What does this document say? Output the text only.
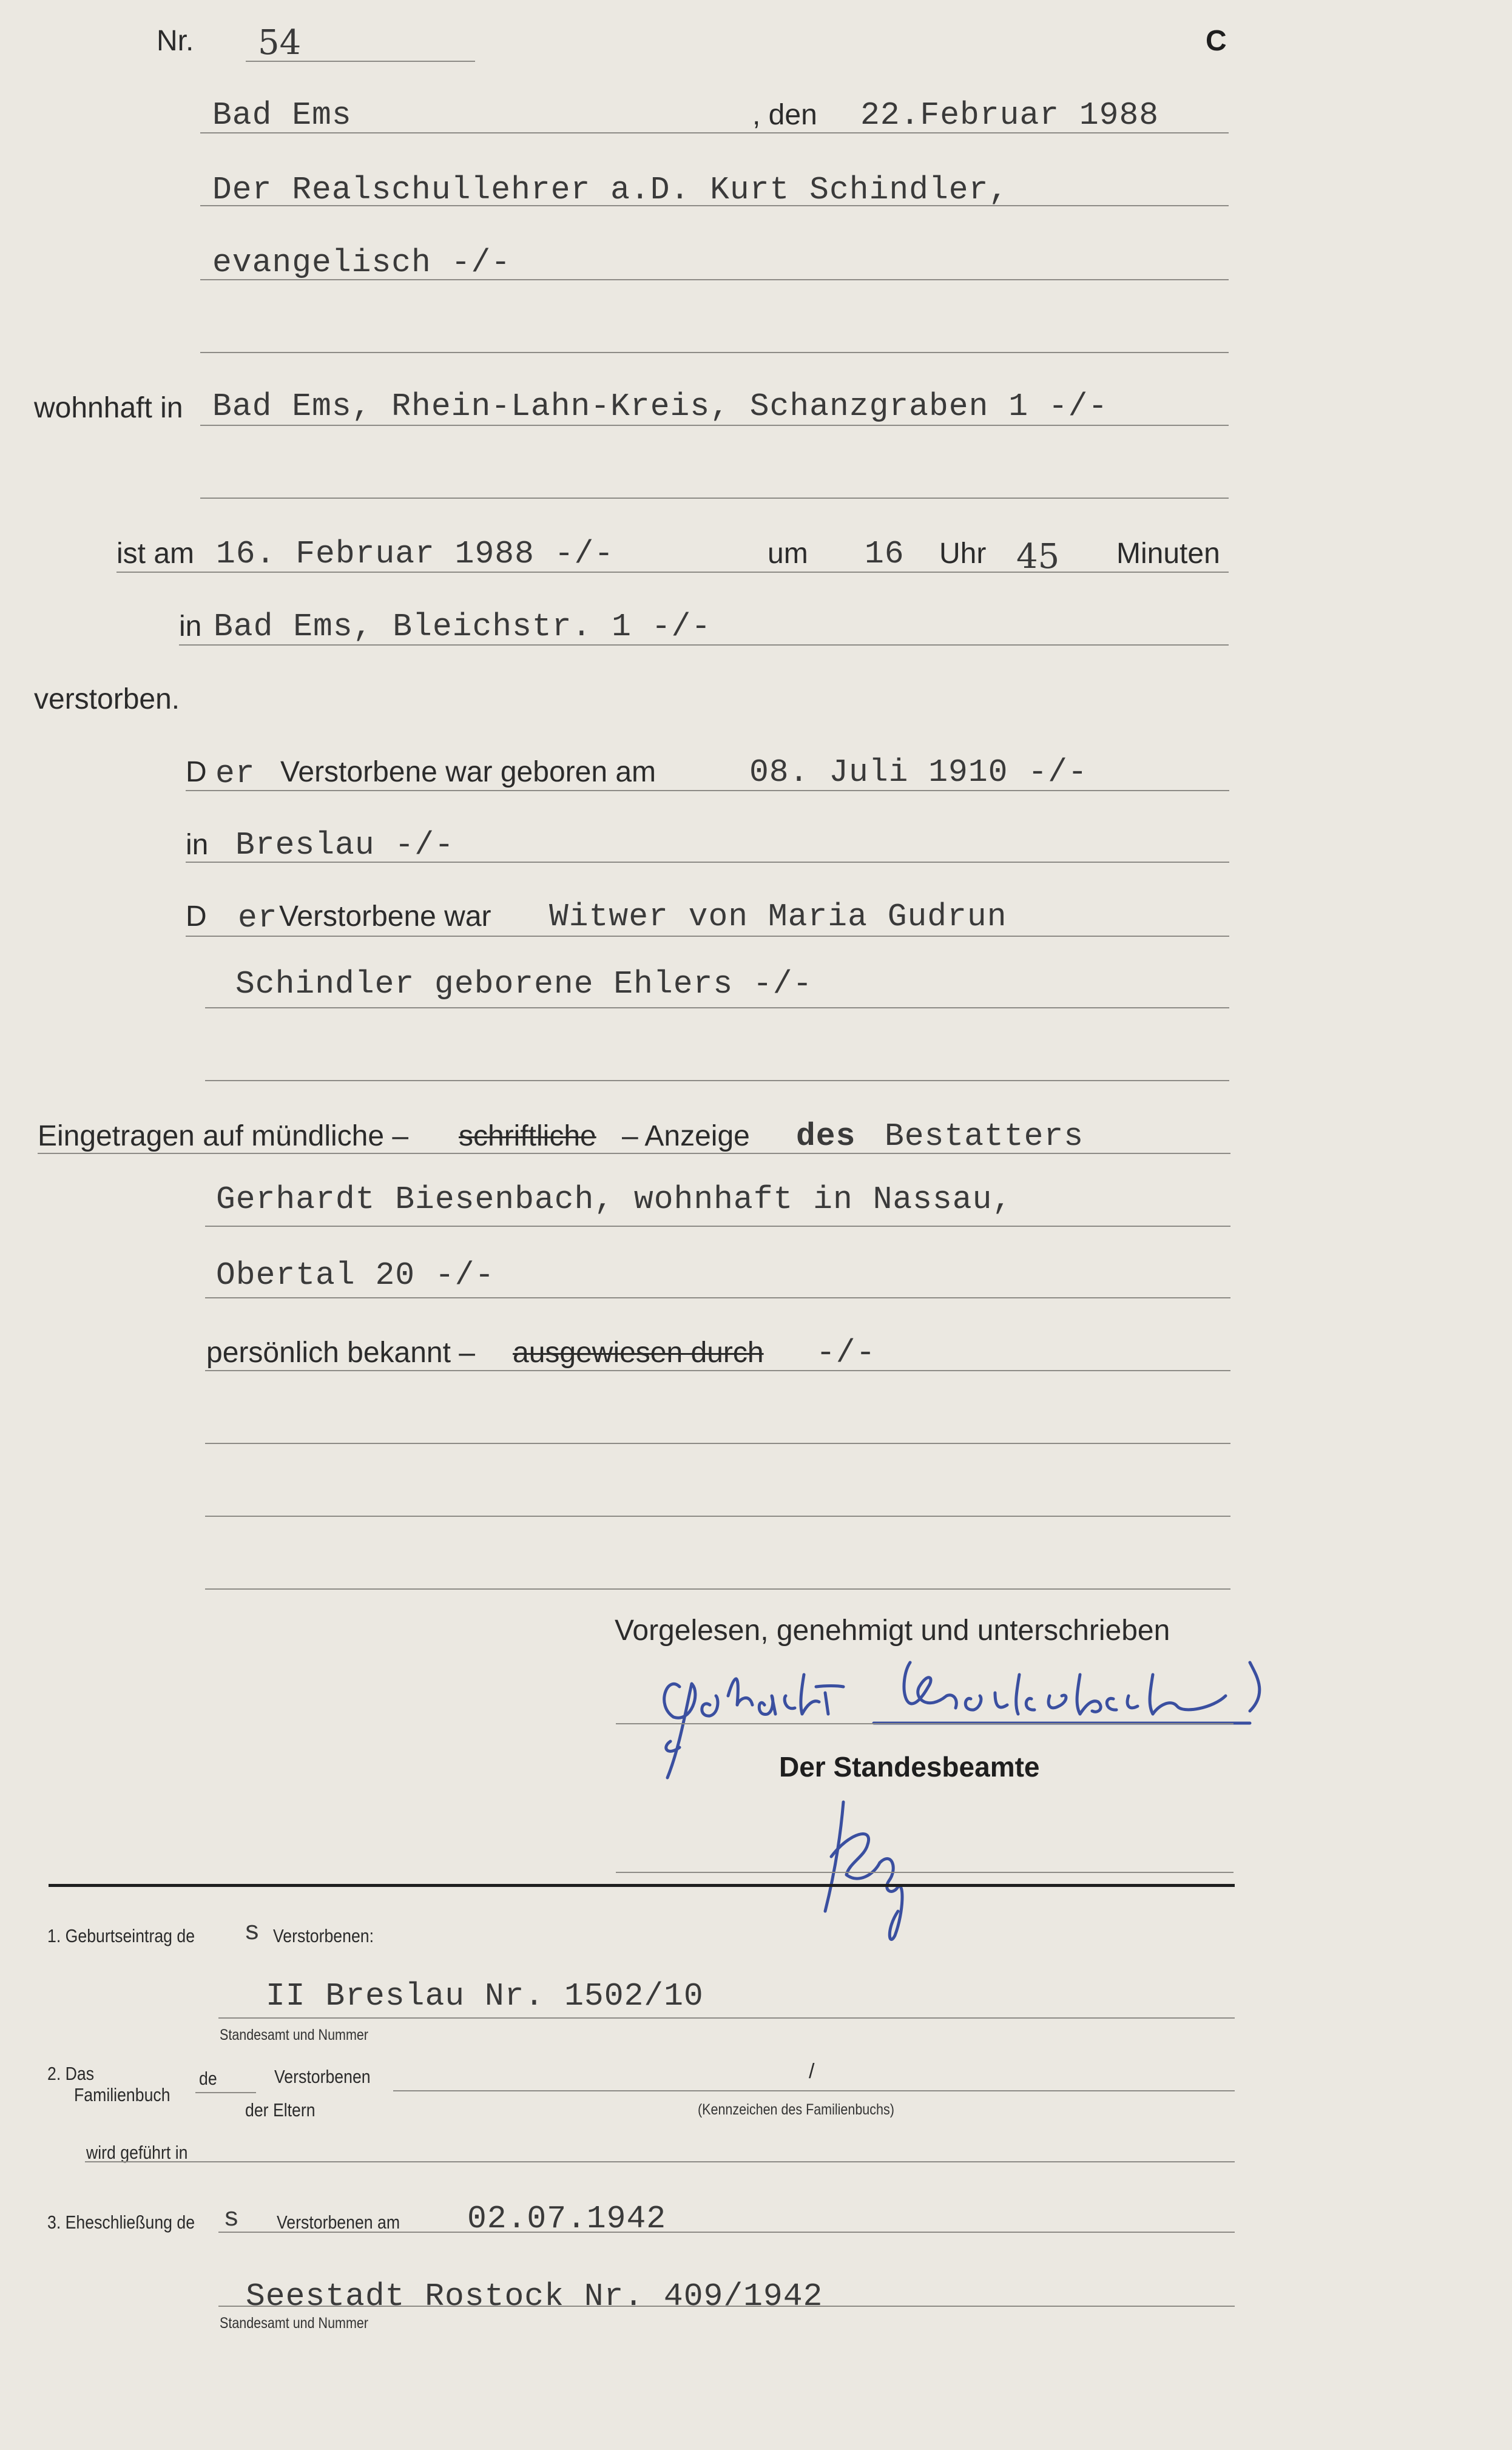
Nr. 54	C
Bad Ems	, den 22.Februar 1988
Der Realschullehrer a.D. Kurt Schindler,
evangelisch -/-
wohnhaft in Bad Ems, Rhein-Lahn-Kreis, Schanzgraben 1 -/-
ist am 16. Februar 1988 -/-	um 16 Uhr 45 Minuten
in Bad Ems, Bleichstr. 1 -/-
verstorben.
D er Verstorbene war geboren am	08. Juli 1910 -/-
in Breslau -/-
D er Verstorbene war Witwer von Maria Gudrun
Schindler geborene Ehlers -/-
Eingetragen auf mündliche – schriftliche – Anzeige des Bestatters
Gerhardt Biesenbach, wohnhaft in Nassau,
Obertal 20 -/-
persönlich bekannt – ausgewiesen durch -/-
Vorgelesen, genehmigt und unterschrieben
Der Standesbeamte
1. Geburtseintrag de s Verstorbenen:
II Breslau Nr. 1502/10
Standesamt und Nummer
2. Das
Familienbuch
de	Verstorbenen
der Eltern
/
(Kennzeichen des Familienbuchs)
wird geführt in
3. Eheschließung de s Verstorbenen am 02.07.1942
Seestadt Rostock Nr. 409/1942
Standesamt und Nummer
